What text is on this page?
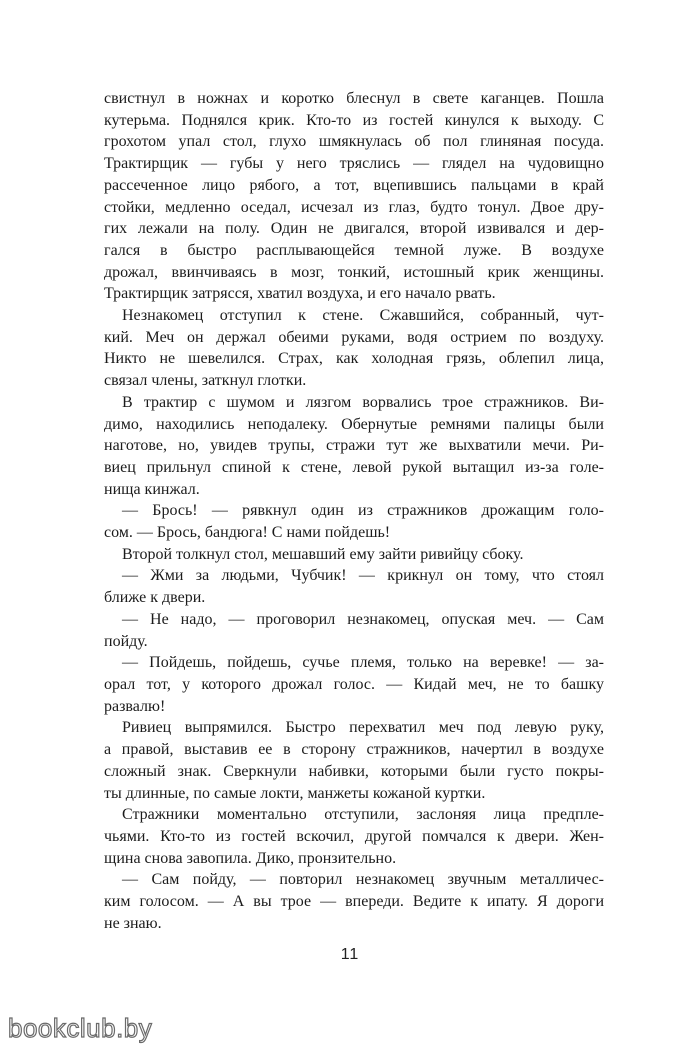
свистнул в ножнах и коротко блеснул в свете каганцев. Пошла
кутерьма. Поднялся крик. Кто-то из гостей кинулся к выходу. С
грохотом упал стол, глухо шмякнулась об пол глиняная посуда.
Трактирщик — губы у него тряслись — глядел на чудовищно
рассеченное лицо рябого, а тот, вцепившись пальцами в край
стойки, медленно оседал, исчезал из глаз, будто тонул. Двое дру-
гих лежали на полу. Один не двигался, второй извивался и дер-
гался в быстро расплывающейся темной луже. В воздухе
дрожал, ввинчиваясь в мозг, тонкий, истошный крик женщины.
Трактирщик затрясся, хватил воздуха, и его начало рвать.
Незнакомец отступил к стене. Сжавшийся, собранный, чут-
кий. Меч он держал обеими руками, водя острием по воздуху.
Никто не шевелился. Страх, как холодная грязь, облепил лица,
связал члены, заткнул глотки.
В трактир с шумом и лязгом ворвались трое стражников. Ви-
димо, находились неподалеку. Обернутые ремнями палицы были
наготове, но, увидев трупы, стражи тут же выхватили мечи. Ри-
виец прильнул спиной к стене, левой рукой вытащил из-за голе-
нища кинжал.
— Брось! — рявкнул один из стражников дрожащим голо-
сом. — Брось, бандюга! С нами пойдешь!
Второй толкнул стол, мешавший ему зайти ривийцу сбоку.
— Жми за людьми, Чубчик! — крикнул он тому, что стоял
ближе к двери.
— Не надо, — проговорил незнакомец, опуская меч. — Сам
пойду.
— Пойдешь, пойдешь, сучье племя, только на веревке! — за-
орал тот, у которого дрожал голос. — Кидай меч, не то башку
развалю!
Ривиец выпрямился. Быстро перехватил меч под левую руку,
а правой, выставив ее в сторону стражников, начертил в воздухе
сложный знак. Сверкнули набивки, которыми были густо покры-
ты длинные, по самые локти, манжеты кожаной куртки.
Стражники моментально отступили, заслоняя лица предпле-
чьями. Кто-то из гостей вскочил, другой помчался к двери. Жен-
щина снова завопила. Дико, пронзительно.
— Сам пойду, — повторил незнакомец звучным металличес-
ким голосом. — А вы трое — впереди. Ведите к ипату. Я дороги
не знаю.
11
bookclub.by
